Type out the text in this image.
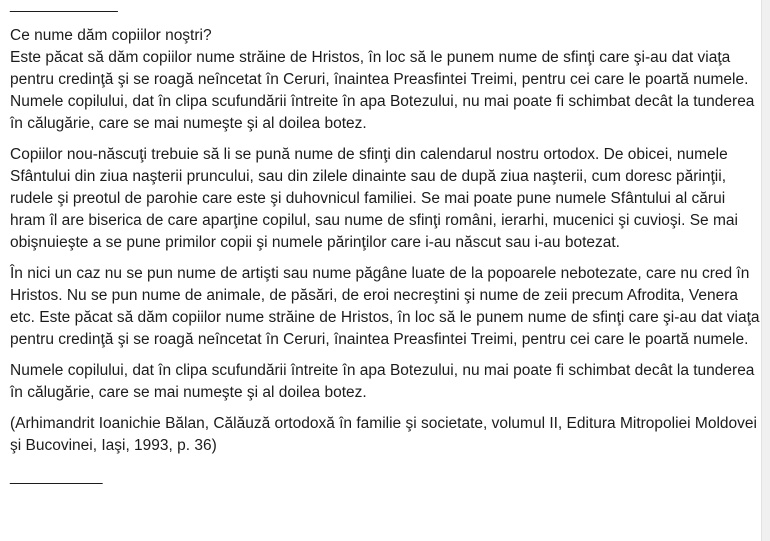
______________

Ce nume dăm copiilor noştri?

Este păcat să dăm copiilor nume străine de Hristos, în loc să le punem nume de sfinţi care şi-au dat viaţa pentru credinţă şi se roagă neîncetat în Ceruri, înaintea Preasfintei Treimi, pentru cei care le poartă numele. Numele copilului, dat în clipa scufundării întreite în apa Botezului, nu mai poate fi schimbat decât la tunderea în călugărie, care se mai numeşte şi al doilea botez.

Copiilor nou-născuţi trebuie să li se pună nume de sfinţi din calendarul nostru ortodox. De obicei, numele Sfântului din ziua naşterii pruncului, sau din zilele dinainte sau de după ziua naşterii, cum doresc părinţii, rudele şi preotul de parohie care este şi duhovnicul familiei. Se mai poate pune numele Sfântului al cărui hram îl are biserica de care aparţine copilul, sau nume de sfinţi români, ierarhi, mucenici şi cuvioşi. Se mai obişnuieşte a se pune primilor copii şi numele părinţilor care i-au născut sau i-au botezat.

În nici un caz nu se pun nume de artişti sau nume păgâne luate de la popoarele nebotezate, care nu cred în Hristos. Nu se pun nume de animale, de păsări, de eroi necreştini şi nume de zeii precum Afrodita, Venera etc. Este păcat să dăm copiilor nume străine de Hristos, în loc să le punem nume de sfinţi care şi-au dat viaţa pentru credinţă şi se roagă neîncetat în Ceruri, înaintea Preasfintei Treimi, pentru cei care le poartă numele.

Numele copilului, dat în clipa scufundării întreite în apa Botezului, nu mai poate fi schimbat decât la tunderea în călugărie, care se mai numeşte şi al doilea botez.

(Arhimandrit Ioanichie Bălan, Călăuză ortodoxă în familie şi societate, volumul II, Editura Mitropoliei Moldovei şi Bucovinei, Iaşi, 1993, p. 36)

____________
